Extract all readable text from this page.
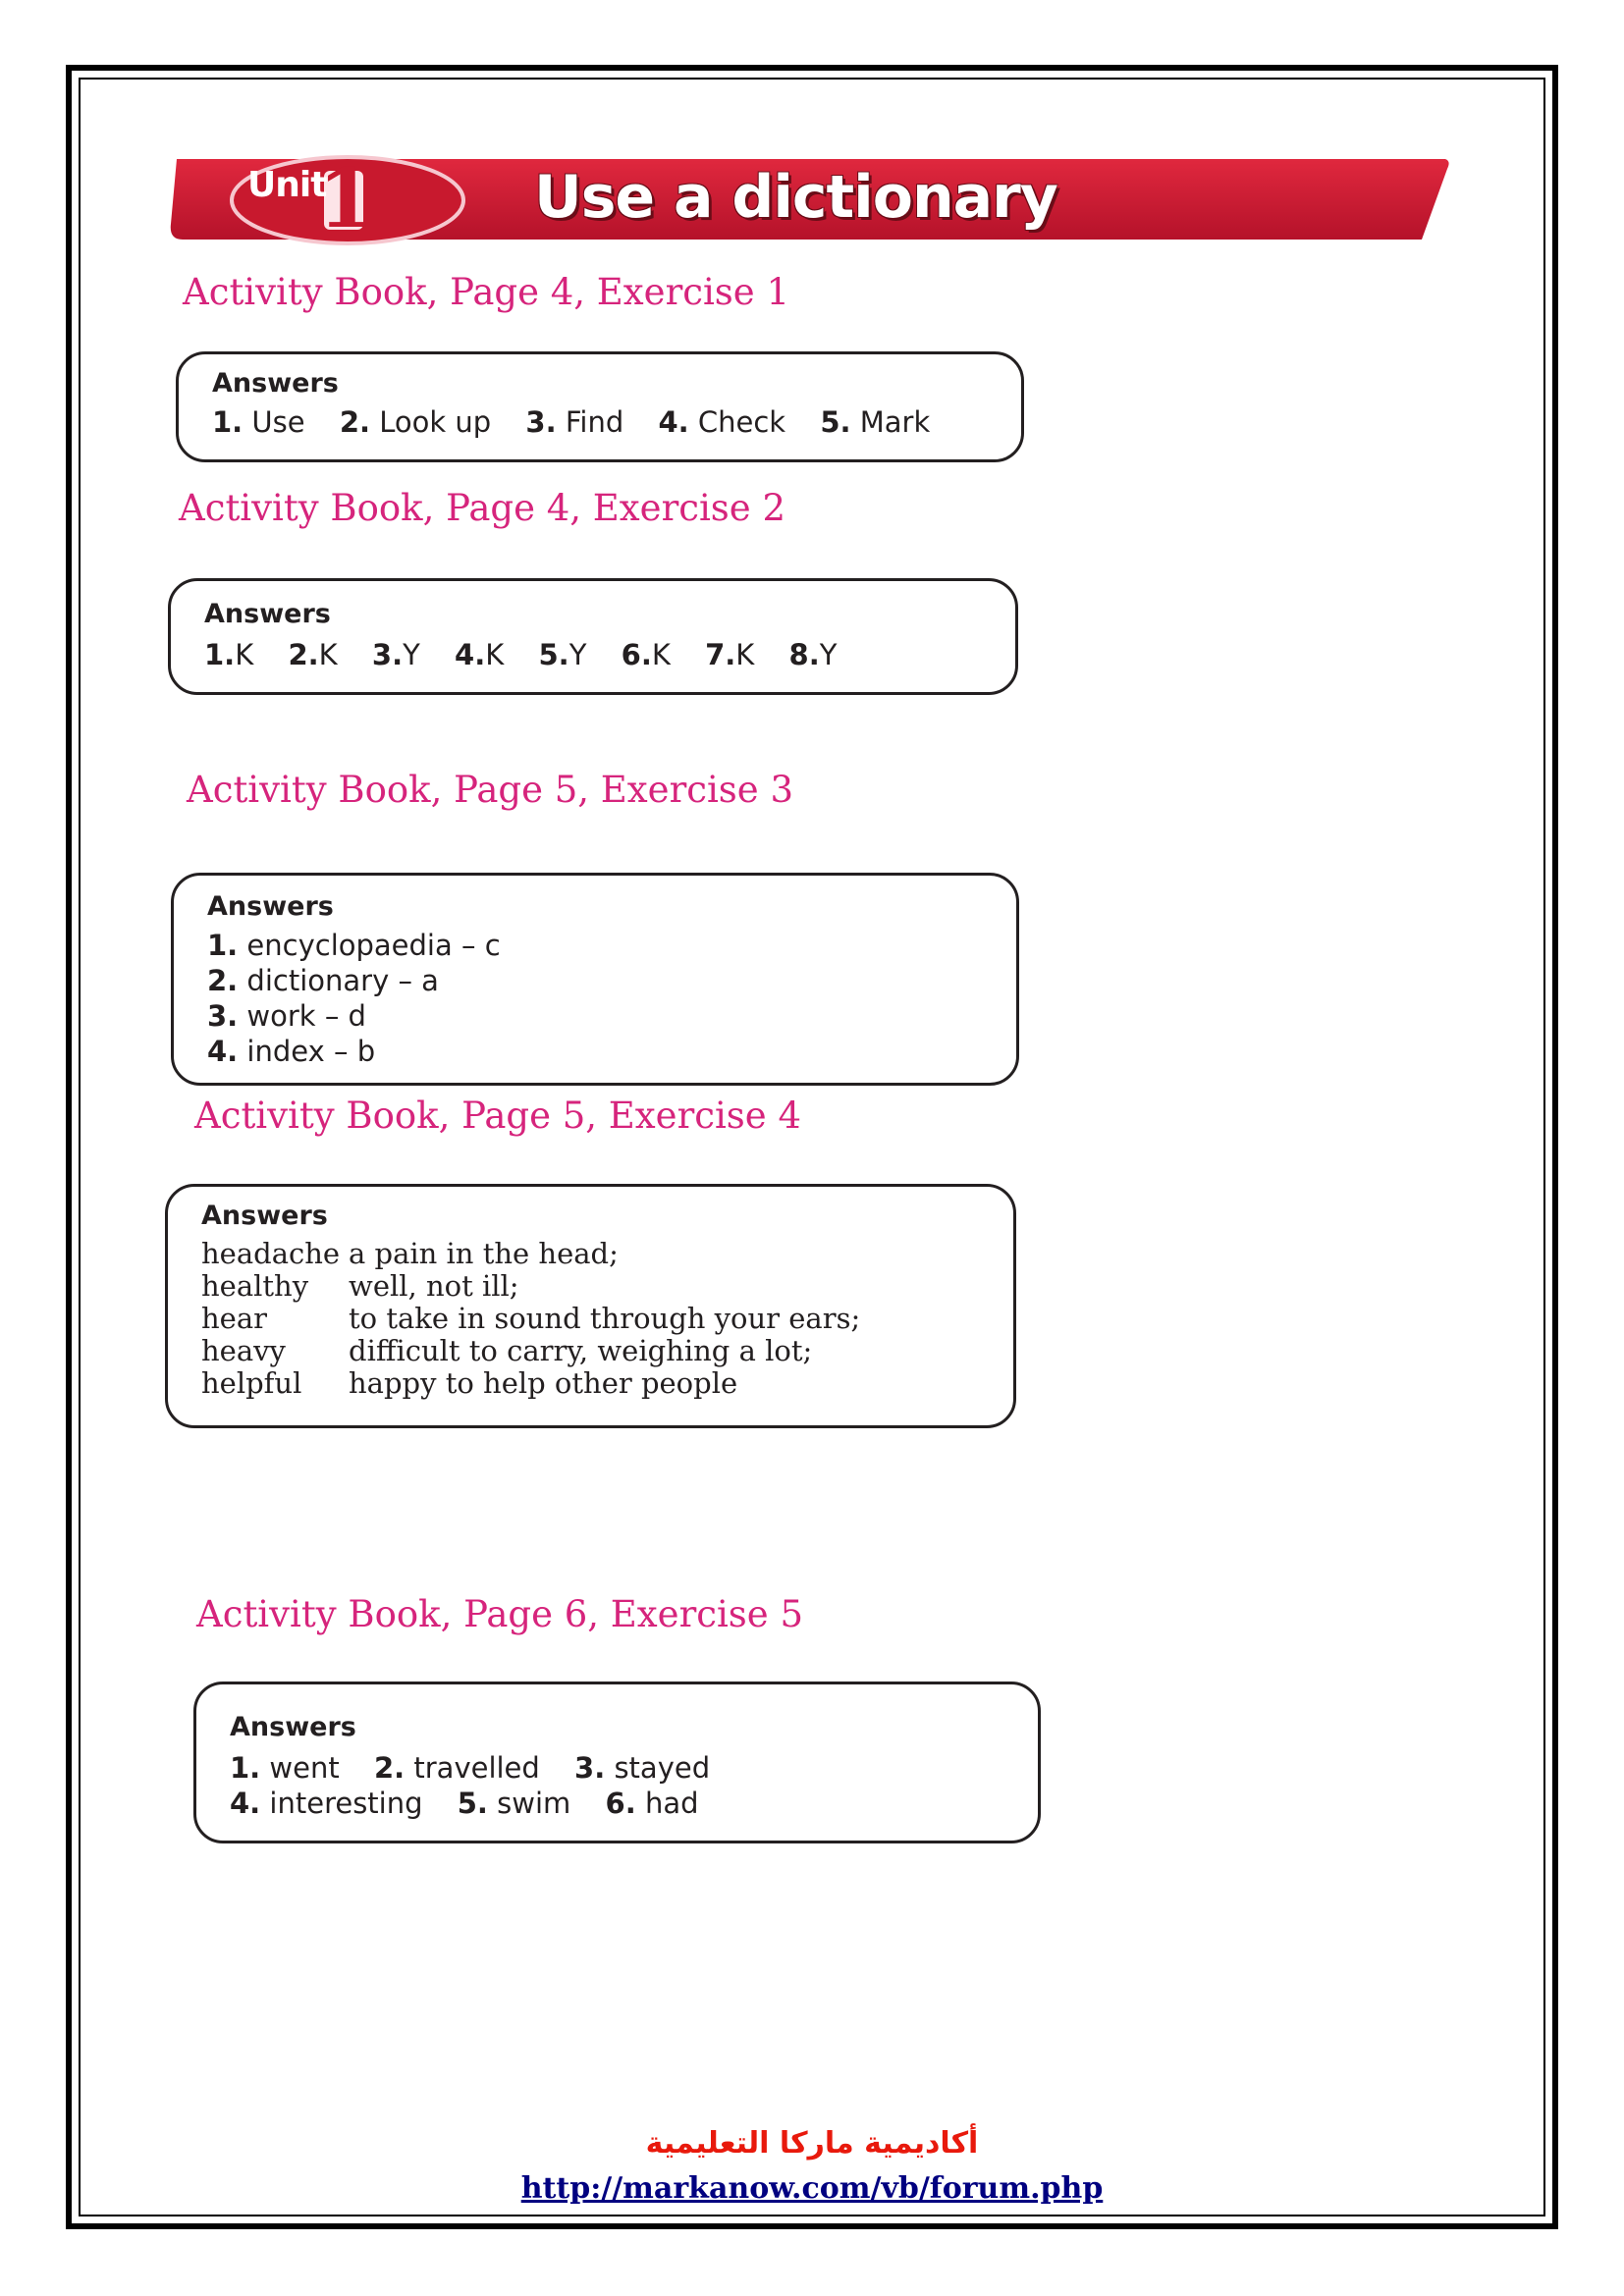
Unit
1	Use a dictionary
Activity Book, Page 4, Exercise 1
Answers
1. Use 2. Look up 3. Find 4. Check 5. Mark
Activity Book, Page 4, Exercise 2
Answers
1.K 2.K 3.Y 4.K 5.Y 6.K 7.K 8.Y
Activity Book, Page 5, Exercise 3
Answers
1. encyclopaedia – c
2. dictionary – a
3. work – d
4. index – b
Activity Book, Page 5, Exercise 4
Answers
headache a pain in the head;
healthy	well, not ill;
hear	to take in sound through your ears;
heavy	difficult to carry, weighing a lot;
helpful	happy to help other people
Activity Book, Page 6, Exercise 5
Answers
1. went 2. travelled 3. stayed
4. interesting 5. swim 6. had
أكاديمية ماركا التعليمية
http://markanow.com/vb/forum.php
